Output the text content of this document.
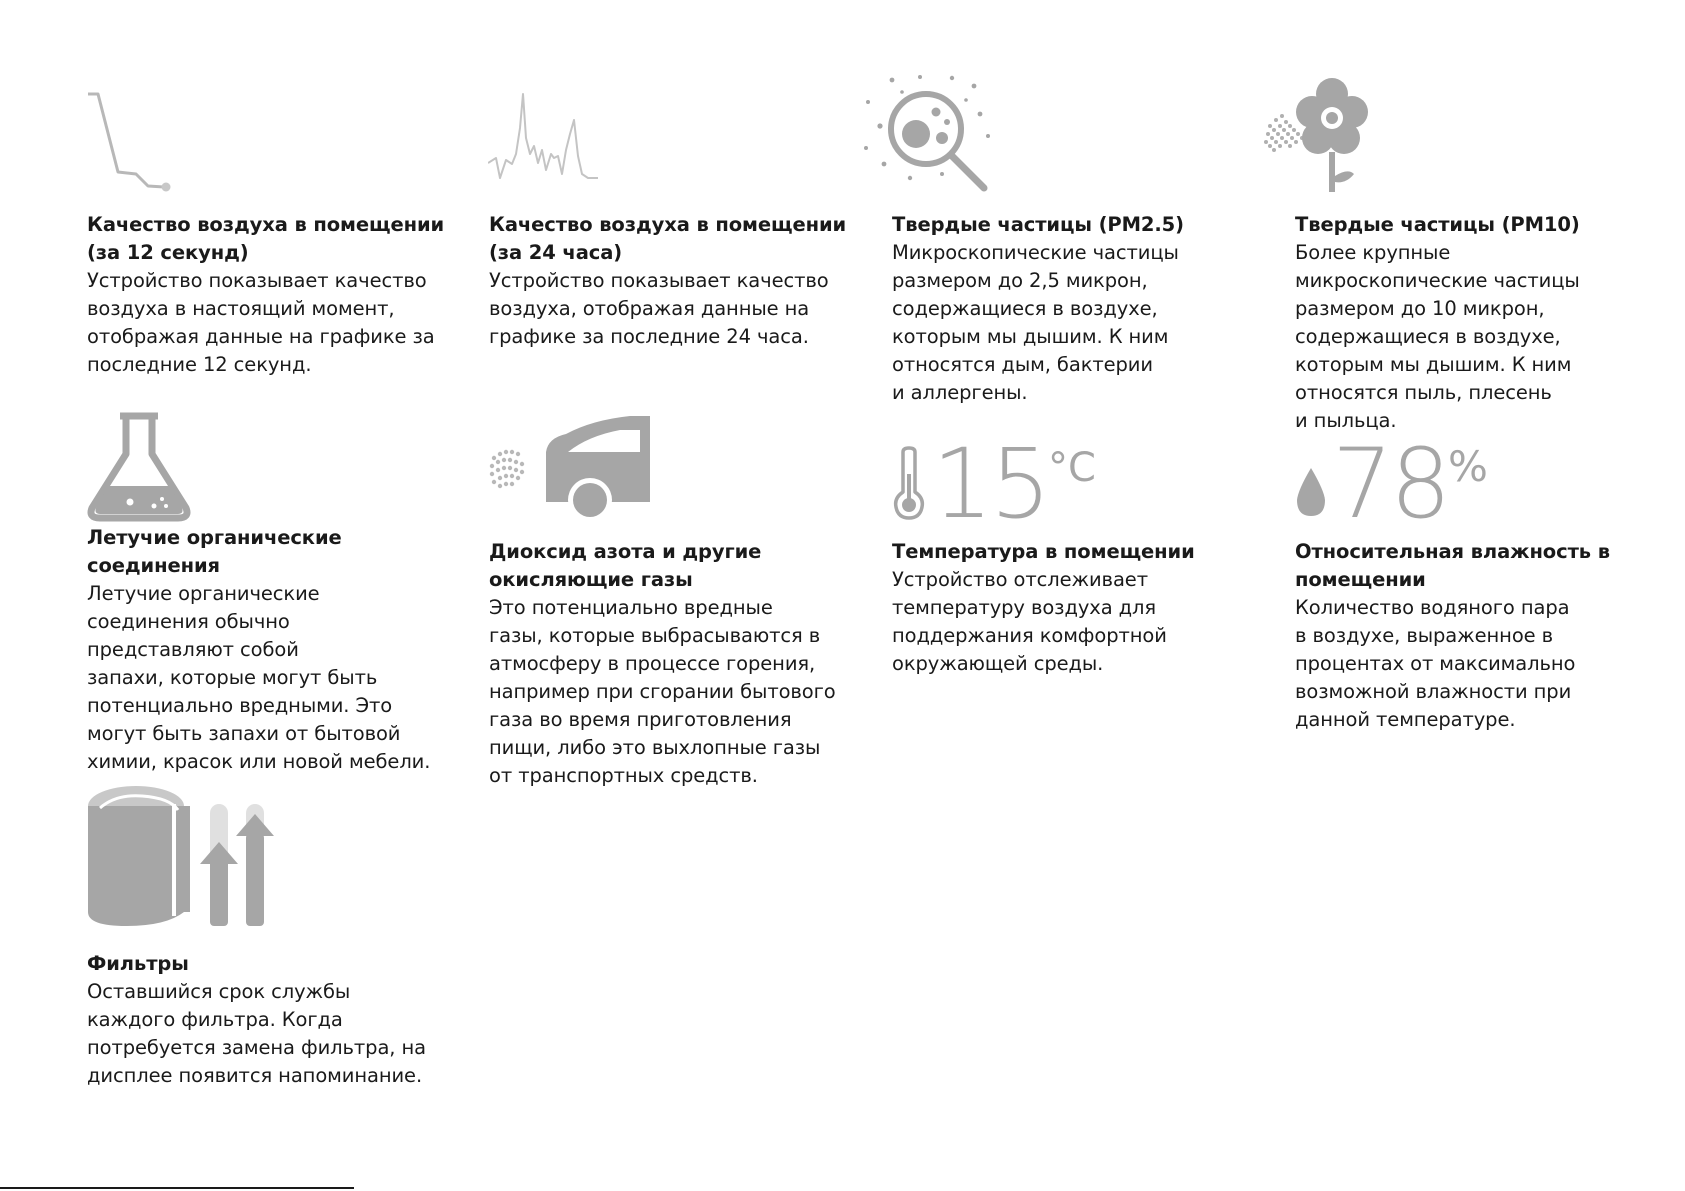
Качество воздуха в помещении
(за 12 секунд)

Устройство показывает качество
воздуха в настоящий момент,
отображая данные на графике за
последние 12 секунд.

Качество воздуха в помещении
(за 24 часа)

Устройство показывает качество
воздуха, отображая данные на
графике за последние 24 часа.

Твердые частицы (PM2.5)

Микроскопические частицы
размером до 2,5 микрон,
содержащиеся в воздухе,
которым мы дышим. К ним
относятся дым, бактерии
и аллергены.

Твердые частицы (PM10)

Более крупные
микроскопические частицы
размером до 10 микрон,
содержащиеся в воздухе,
которым мы дышим. К ним
относятся пыль, плесень
и пыльца.

Летучие органические
соединения

Летучие органические
соединения обычно
представляют собой
запахи, которые могут быть
потенциально вредными. Это
могут быть запахи от бытовой
химии, красок или новой мебели.

Диоксид азота и другие
окисляющие газы

Это потенциально вредные
газы, которые выбрасываются в
атмосферу в процессе горения,
например при сгорании бытового
газа во время приготовления
пищи, либо это выхлопные газы
от транспортных средств.

15 °C
Температура в помещении

Устройство отслеживает
температуру воздуха для
поддержания комфортной
окружающей среды.

78 %
Относительная влажность в
помещении

Количество водяного пара
в воздухе, выраженное в
процентах от максимально
возможной влажности при
данной температуре.

Фильтры

Оставшийся срок службы
каждого фильтра. Когда
потребуется замена фильтра, на
дисплее появится напоминание.
